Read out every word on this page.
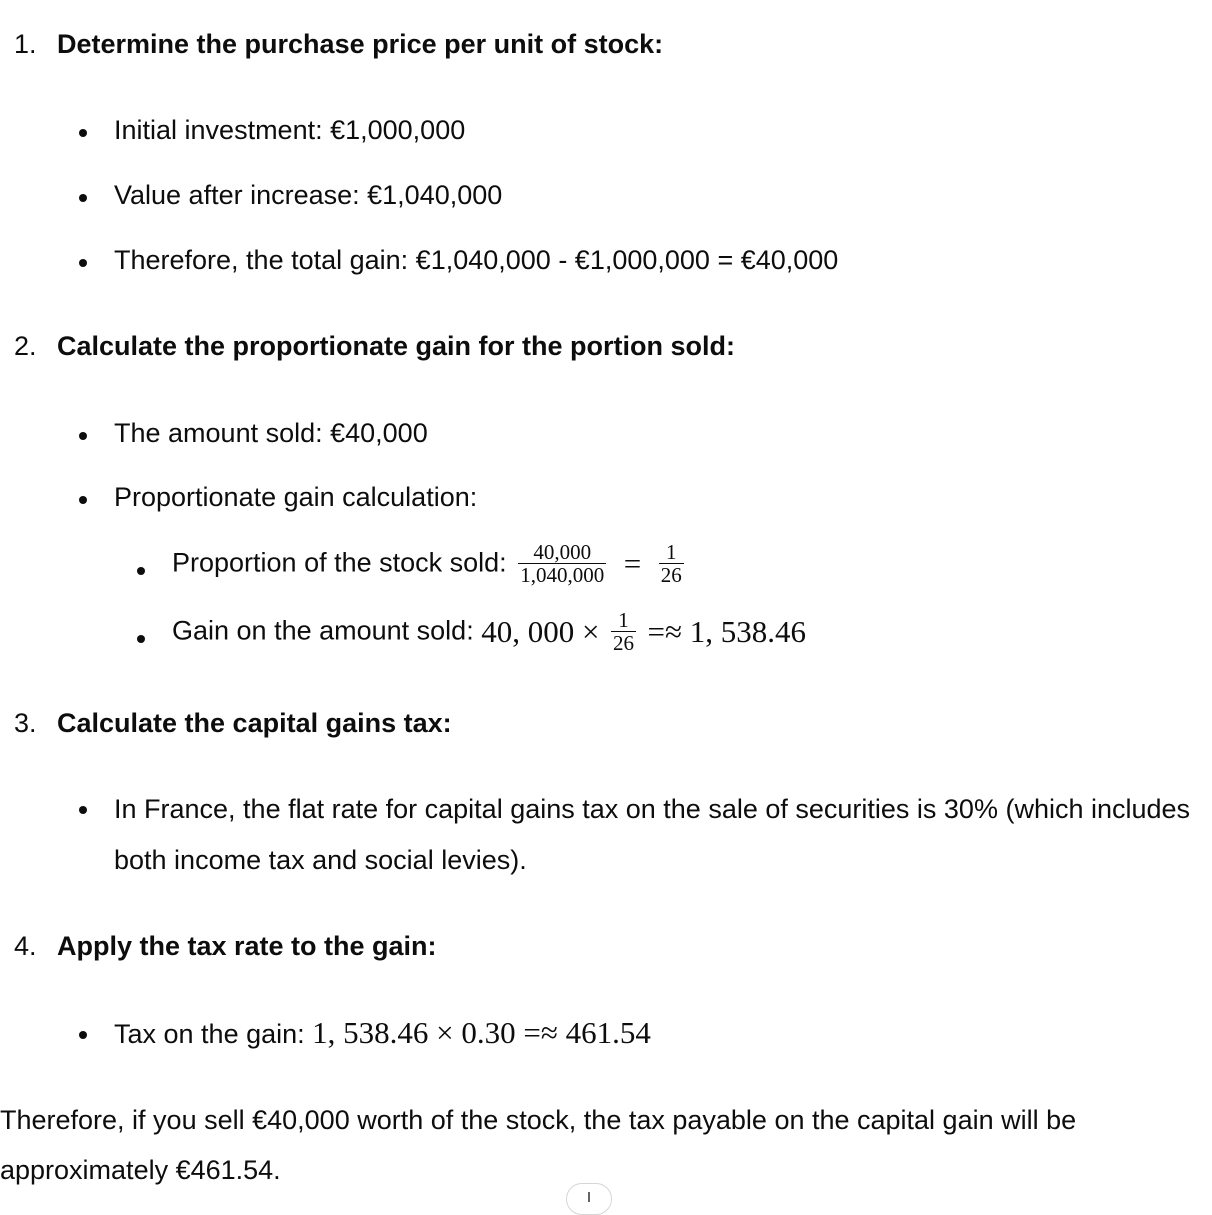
1. Determine the purchase price per unit of stock:
Initial investment: €1,000,000
Value after increase: €1,040,000
Therefore, the total gain: €1,040,000 - €1,000,000 = €40,000
2. Calculate the proportionate gain for the portion sold:
The amount sold: €40,000
Proportionate gain calculation:
Proportion of the stock sold: $\frac{40,000}{1,040,000} = \frac{1}{26}$
Gain on the amount sold: 40, $000 \times \frac{1}{26} =\approx 1$, 538.46
3. Calculate the capital gains tax:
In France, the flat rate for capital gains tax on the sale of securities is 30% (which includes both income tax and social levies).
4. Apply the tax rate to the gain:
Tax on the gain: 1, 538.46 × 0.30 =≈ 461.54
Therefore, if you sell €40,000 worth of the stock, the tax payable on the capital gain will be approximately €461.54.
